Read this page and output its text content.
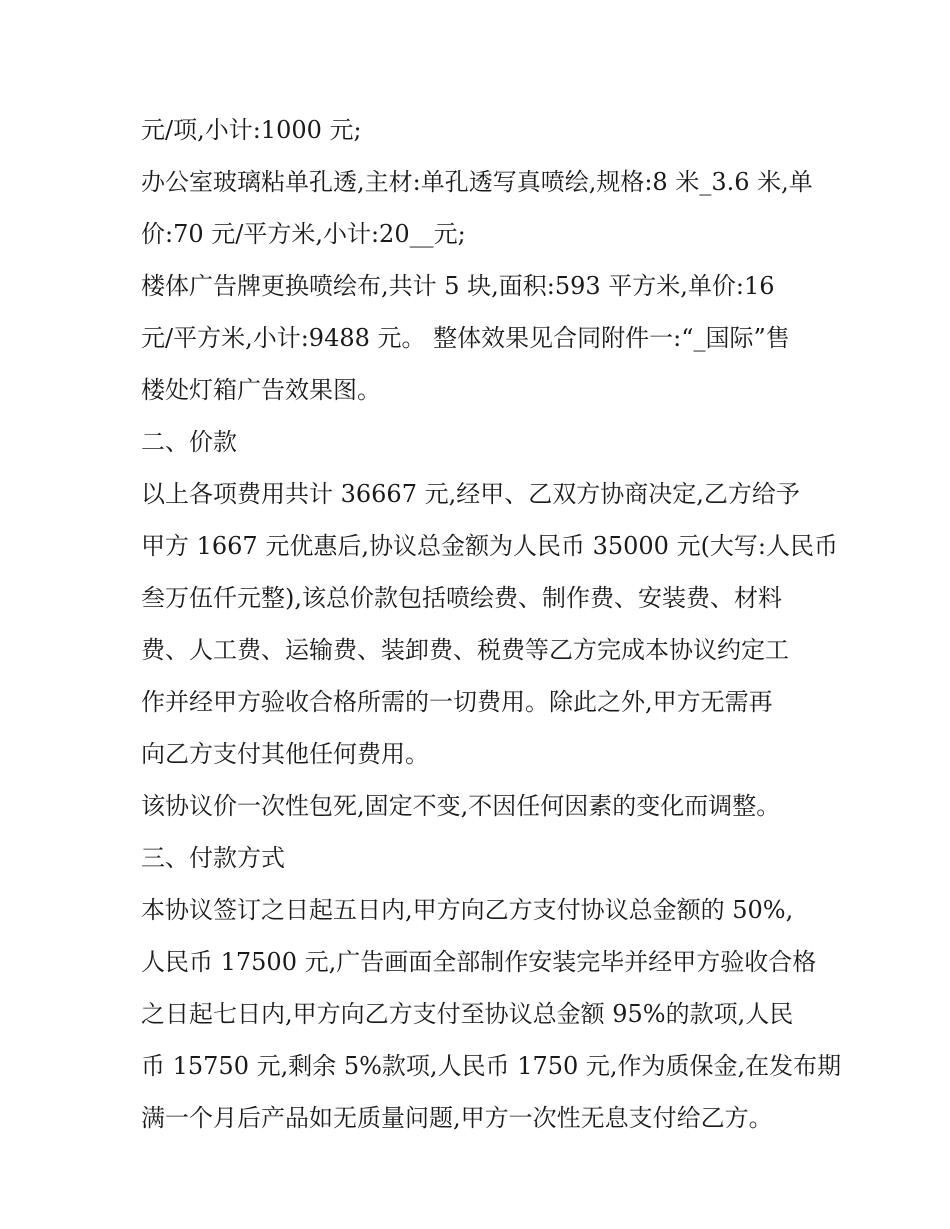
元/项,小计:1000 元;
办公室玻璃粘单孔透,主材:单孔透写真喷绘,规格:8 米_3.6 米,单
价:70 元/平方米,小计:20__元;
楼体广告牌更换喷绘布,共计 5 块,面积:593 平方米,单价:16
元/平方米,小计:9488 元。 整体效果见合同附件一:“_国际”售
楼处灯箱广告效果图。
二、价款
以上各项费用共计 36667 元,经甲、乙双方协商决定,乙方给予
甲方 1667 元优惠后,协议总金额为人民币 35000 元(大写:人民币
叁万伍仟元整),该总价款包括喷绘费、制作费、安装费、材料
费、人工费、运输费、装卸费、税费等乙方完成本协议约定工
作并经甲方验收合格所需的一切费用。除此之外,甲方无需再
向乙方支付其他任何费用。
该协议价一次性包死,固定不变,不因任何因素的变化而调整。
三、付款方式
本协议签订之日起五日内,甲方向乙方支付协议总金额的 50%,
人民币 17500 元,广告画面全部制作安装完毕并经甲方验收合格
之日起七日内,甲方向乙方支付至协议总金额 95%的款项,人民
币 15750 元,剩余 5%款项,人民币 1750 元,作为质保金,在发布期
满一个月后产品如无质量问题,甲方一次性无息支付给乙方。
